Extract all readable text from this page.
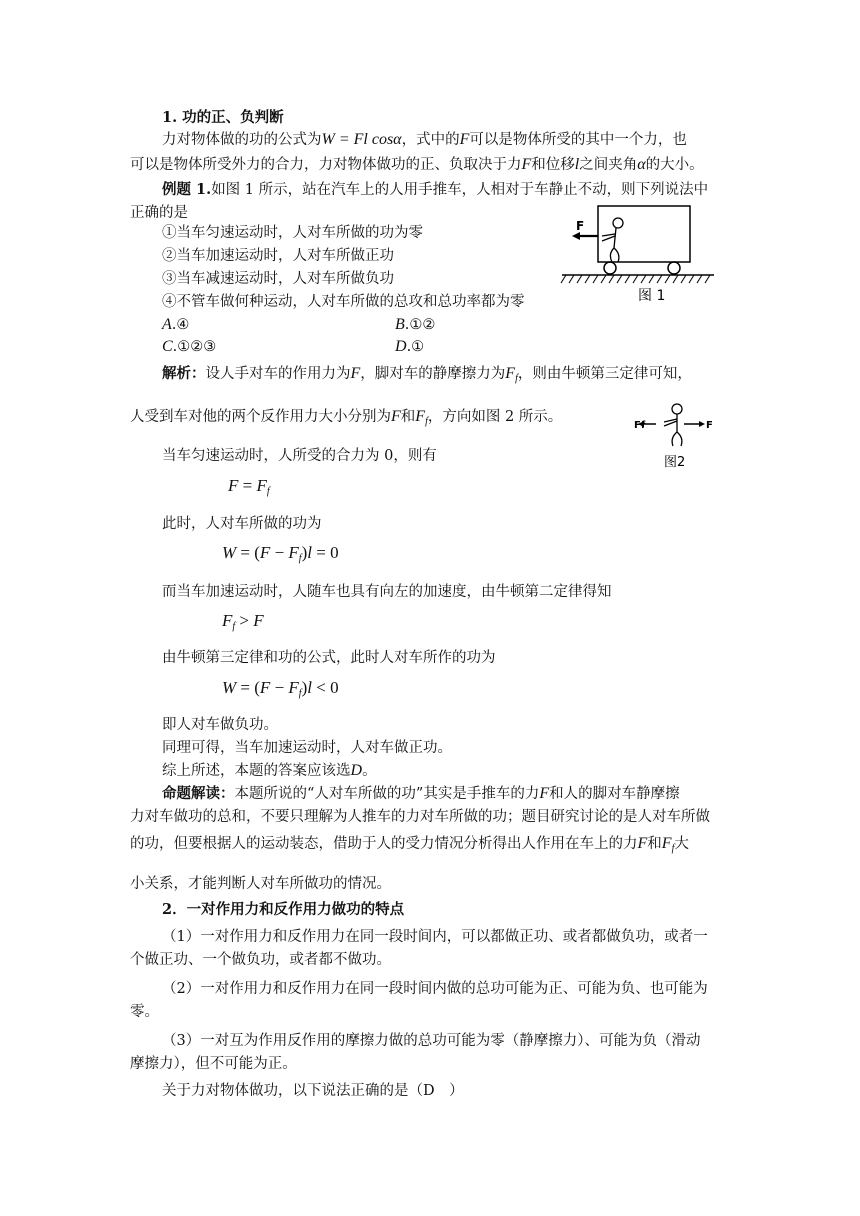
1. 功的正、负判断
力对物体做的功的公式为W = Fl cosα，式中的F可以是物体所受的其中一个力，也
可以是物体所受外力的合力，力对物体做功的正、负取决于力F和位移l之间夹角α的大小。
例题 1.如图 1 所示，站在汽车上的人用手推车，人相对于车静止不动，则下列说法中
正确的是
①当车匀速运动时，人对车所做的功为零
②当车加速运动时，人对车所做正功
③当车减速运动时，人对车所做负功
④不管车做何种运动，人对车所做的总攻和总功率都为零
A.④	B.①②
C.①②③	D.①
F
图 1
解析：设人手对车的作用力为F，脚对车的静摩擦力为$F_f$，则由牛顿第三定律可知，
人受到车对他的两个反作用力大小分别为F和$F_f$，方向如图 2 所示。
Ff	F
图2
当车匀速运动时，人所受的合力为 0，则有
$F = F_f$
此时，人对车所做的功为
$W = (F - F_f)l = 0$
而当车加速运动时，人随车也具有向左的加速度，由牛顿第二定律得知
$F_f > F$
由牛顿第三定律和功的公式，此时人对车所作的功为
$W = (F - F_f)l < 0$
即人对车做负功。
同理可得，当车加速运动时，人对车做正功。
综上所述，本题的答案应该选D。
命题解读：本题所说的“人对车所做的功”其实是手推车的力F和人的脚对车静摩擦
力对车做功的总和，不要只理解为人推车的力对车所做的功；题目研究讨论的是人对车所做
的功，但要根据人的运动装态，借助于人的受力情况分析得出人作用在车上的力F和$F_f$大
小关系，才能判断人对车所做功的情况。
2．一对作用力和反作用力做功的特点
（1）一对作用力和反作用力在同一段时间内，可以都做正功、或者都做负功，或者一
个做正功、一个做负功，或者都不做功。
（2）一对作用力和反作用力在同一段时间内做的总功可能为正、可能为负、也可能为
零。
（3）一对互为作用反作用的摩擦力做的总功可能为零（静摩擦力）、可能为负（滑动
摩擦力），但不可能为正。
关于力对物体做功，以下说法正确的是（D　）
